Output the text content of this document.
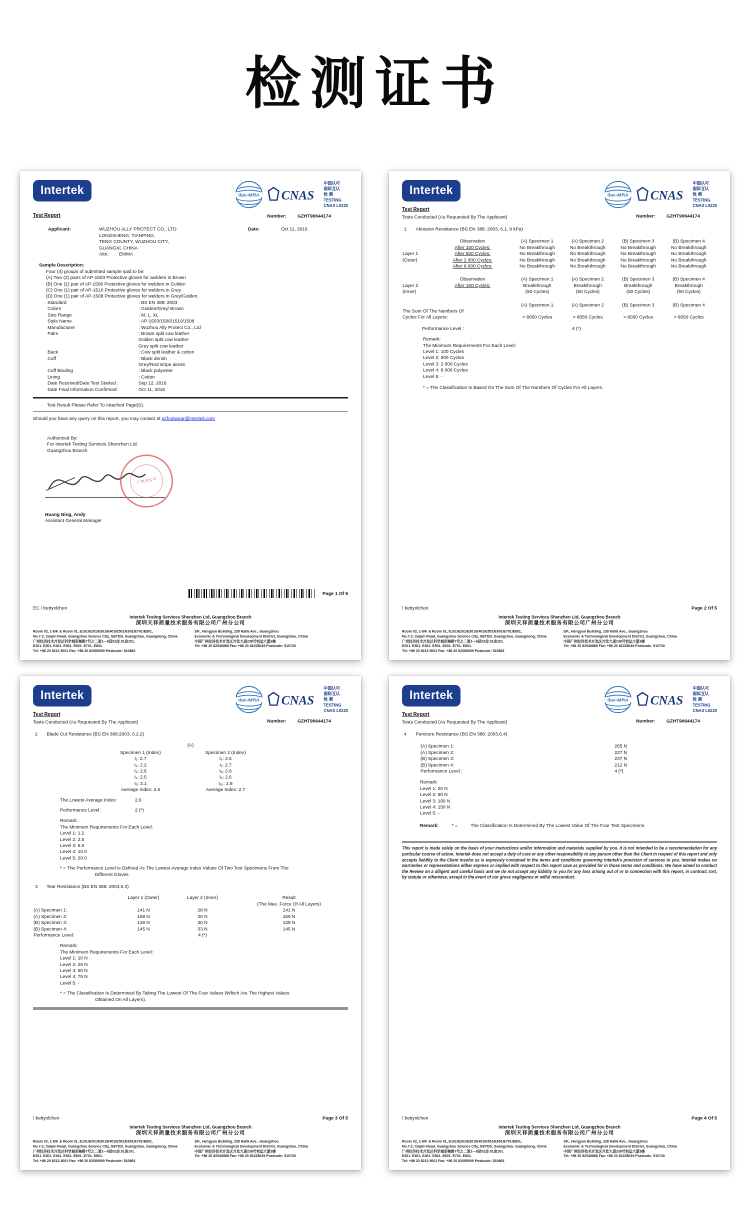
检测证书
Intertek
Test Report
ilac-MRA CNAS
中国认可
国际互认
检 测
TESTING
CNAS L0220
Number: GZHT90644174
Applicant:	WUZHOU ALLY PROTECT CO., LTD
LONGSHENG, TIANPING,
TENG COUNTY, WUZHOU CITY,
GUANGXI, CHINA
Attn:        EMMA
Date:	Oct 11, 2016
Sample Description:
Four (4) groups of submitted sample said to be:
(A) Two (2) pairs of AP-1503 Protective gloves for welders in Brown
(B) One (1) pair of AP-1506 Protective gloves for welders in Golden
(C) One (1) pair of AP-1510 Protective gloves for welders in Grey
(D) One (1) pair of AP-1508 Protective gloves for welders in Grey/Golden.
Standard	: BS EN 388: 2003
Colors	: Golden/Grey/ Brown
Size Range	: M, L, XL
Style Name	: AP-1503/1506/1510/1508
Manufacturer	: Wuzhou Ally Protect Co., Ltd
Palm	: Brown split cow leather
Golden split cow leather
Grey split cow leather
Back	: Cow split leather & cotton
Cuff	: Black denim
Grey/Red stripe denim
Cuff Binding	: Black polyester
Lining	: Cotton
Date Received/Date Test Started :	Sep 12, 2016
Date Final Information Confirmed:	Oct 11, 2016
Test Result Please Refer To Attached Page(S).
Should you have any query on this report, you may contact at gzfootwear@intertek.com
Authorized By:
For Intertek Testing Services Shenzhen Ltd.
Guangzhou Branch
广州分公司
Huang Ning, Andy
Assistant General Manager
Page 1 Of 5
EC / bettyxlchen
Intertek Testing Services Shenzhen Ltd, Guangzhou Branch
深圳天祥质量技术服务有限公司广州分公司
Room 02, 1-6/F. & Room 01, E101/E201/E301/E401/E501/E601/E701/E801,
No.7-2, Caipin Road, Guangzhou Science City, GETDD, Guangzhou, Guangdong, China
广州经济技术开发区科学城彩频路7号之二第1—6层02房.01房101.
E201. E301. E401. E501. E601. E701. E801.
Tel: +86 20 8213 5001 Fax: +86 20 82089909 Postcode: 510663
3/F., Hengyun Building, 238 Kaifa Ave., Guangzhou
Economic & Technological Development District, Guangzhou, China
中国广州经济技术开发区开发大道238号恒运大厦3楼
Tel: +86 20 82946868 Fax: +86 20 82228049 Postcode: 510730
Intertek
Test Report
Tests Conducted (As Requested By The Applicant)
ilac-MRA CNAS
中国认可
国际互认
检 测
TESTING
CNAS L0220
Number: GZHT90644174
1 Abrasion Resistance (BS EN 388: 2003, 6.1, 9 kPa)
Observation	(A) Specimen 1	(A) Specimen 2	(B) Specimen 3	(B) Specimen 4
After 100 Cycles:	No Breakthrough	No Breakthrough	No Breakthrough	No Breakthrough
Layer 1	After 500 Cycles:	No Breakthrough	No Breakthrough	No Breakthrough	No Breakthrough
(Outer)	After 2 000 Cycles:	No Breakthrough	No Breakthrough	No Breakthrough	No Breakthrough
After 8 000 Cycles:	No Breakthrough	No Breakthrough	No Breakthrough	No Breakthrough
Observation	(A) Specimen 1	(A) Specimen 2	(B) Specimen 3	(B) Specimen 4
Layer 2	After 100 Cycles:	Breakthrough	Breakthrough	Breakthrough	Breakthrough
(Inner)	(50 Cycles)	(50 Cycles)	(50 Cycles)	(50 Cycles)
(A) Specimen 1	(A) Specimen 2	(B) Specimen 3	(B) Specimen 4
The Sum Of The Numbers Of
Cycles For All Layers:	> 8050 Cycles	> 8050 Cycles	> 8050 Cycles	> 8050 Cycles
Performance Level :	4 (*)
Remark:
The Minimum Requirements For Each Level:
Level 1: 100 Cycles
Level 2: 500 Cycles
Level 3: 2 000 Cycles
Level 4: 8 000 Cycles
Level 5: -
* = The Classification Is Based On The Sum Of The Numbers Of Cycles For All Layers.
/ bettyxlchen	Page 2 Of 5
Intertek Testing Services Shenzhen Ltd, Guangzhou Branch
深圳天祥质量技术服务有限公司广州分公司
Room 02, 1-6/F. & Room 01, E101/E201/E301/E401/E501/E601/E701/E801,
No.7-2, Caipin Road, Guangzhou Science City, GETDD, Guangzhou, Guangdong, China
广州经济技术开发区科学城彩频路7号之二第1—6层02房.01房101.
E201. E301. E401. E501. E601. E701. E801.
Tel: +86 20 8213 5001 Fax: +86 20 82089909 Postcode: 510663
3/F., Hengyun Building, 238 Kaifa Ave., Guangzhou
Economic & Technological Development District, Guangzhou, China
中国广州经济技术开发区开发大道238号恒运大厦3楼
Tel: +86 20 82946868 Fax: +86 20 82228049 Postcode: 510730
Intertek
Test Report
Tests Conducted (As Requested By The Applicant)
ilac-MRA CNAS
中国认可
国际互认
检 测
TESTING
CNAS L0220
Number: GZHT90644174
2 Blade Cut Resistance (BS EN 388:2003, 6.2.2)
(A)
Specimen 1 (Index)	Specimen 2 (Index)
I₁: 2.7	I₆: 2.6
I₂: 2.2	I₇: 2.7
I₃: 2.6	I₈: 2.6
I₄: 2.5	I₉: 2.6
I₅: 3.1	I₁₀: 2.9
Average Index: 2.6	Average Index: 2.7
The Lowest Average Index:	2.6
Performance Level:	2 (*)
Remark:
The Minimum Requirements For Each Level:
Level 1: 1.2
Level 2: 2.5
Level 3: 5.0
Level 4: 10.0
Level 5: 20.0
* = The Performance Level Is Defined As The Lowest Average Index Values Of Two Test Specimens From The
Different Gloves.
3 Tear Resistance (BS EN 388: 2003,6.3)
Layer 1 (Outer)	Layer 2 (Inner)	Result
(The Max. Force Of All Layers)
(A) Specimen 1:	141 N	28 N	141 N
(A) Specimen 2:	169 N	30 N	169 N
(B) Specimen 3:	128 N	30 N	128 N
(B) Specimen 4:	145 N	33 N	145 N
Performance Level:	4 (*)
Remark:
The Minimum Requirements For Each Level:
Level 1: 10 N
Level 2: 25 N
Level 3: 50 N
Level 4: 75 N
Level 5: -
* = The Classification Is Determined By Taking The Lowest Of The Four Values (Which Are The Highest Values
Obtained On All Layers).
/ bettyxlchen	Page 3 Of 5
Intertek Testing Services Shenzhen Ltd, Guangzhou Branch
深圳天祥质量技术服务有限公司广州分公司
Room 02, 1-6/F. & Room 01, E101/E201/E301/E401/E501/E601/E701/E801,
No.7-2, Caipin Road, Guangzhou Science City, GETDD, Guangzhou, Guangdong, China
广州经济技术开发区科学城彩频路7号之二第1—6层02房.01房101.
E201. E301. E401. E501. E601. E701. E801.
Tel: +86 20 8213 5001 Fax: +86 20 82089909 Postcode: 510663
3/F., Hengyun Building, 238 Kaifa Ave., Guangzhou
Economic & Technological Development District, Guangzhou, China
中国广州经济技术开发区开发大道238号恒运大厦3楼
Tel: +86 20 82946868 Fax: +86 20 82228049 Postcode: 510730
Intertek
Test Report
Tests Conducted (As Requested By The Applicant)
ilac-MRA CNAS
中国认可
国际互认
检 测
TESTING
CNAS L0220
Number: GZHT90644174
4 Puncture Resistance (BS EN 388: 2003,6.4)
(A) Specimen 1:	265 N
(A) Specimen 2:	227 N
(B) Specimen 3:	237 N
(B) Specimen 4:	212 N
Performance Level :	4 (*)
Remark:
Level 1: 20 N
Level 2: 60 N
Level 3: 100 N
Level 4: 150 N
Level 5: -
Remark: * = The Classification Is Determined By The Lowest Value Of The Four Test Specimens.
This report is made solely on the basis of your instructions and/or information and materials supplied by you. It is not intended to be a recommendation for any particular course of action. Intertek does not accept a duty of care or any other responsibility to any person other than the Client in respect of this report and only accepts liability to the Client insofar as is expressly contained in the terms and conditions governing Intertek's provision of services to you. Intertek makes no warranties or representations either express or implied with respect to this report save as provided for in those terms and conditions. We have aimed to conduct the Review on a diligent and careful basis and we do not accept any liability to you for any loss arising out of or in connection with this report, in contract, tort, by statute or otherwise, except in the event of our gross negligence or wilful misconduct.
/ bettyxlchen	Page 4 Of 5
Intertek Testing Services Shenzhen Ltd, Guangzhou Branch
深圳天祥质量技术服务有限公司广州分公司
Room 02, 1-6/F. & Room 01, E101/E201/E301/E401/E501/E601/E701/E801,
No.7-2, Caipin Road, Guangzhou Science City, GETDD, Guangzhou, Guangdong, China
广州经济技术开发区科学城彩频路7号之二第1—6层02房.01房101.
E201. E301. E401. E501. E601. E701. E801.
Tel: +86 20 8213 5001 Fax: +86 20 82089909 Postcode: 510663
3/F., Hengyun Building, 238 Kaifa Ave., Guangzhou
Economic & Technological Development District, Guangzhou, China
中国广州经济技术开发区开发大道238号恒运大厦3楼
Tel: +86 20 82946868 Fax: +86 20 82228049 Postcode: 510730
